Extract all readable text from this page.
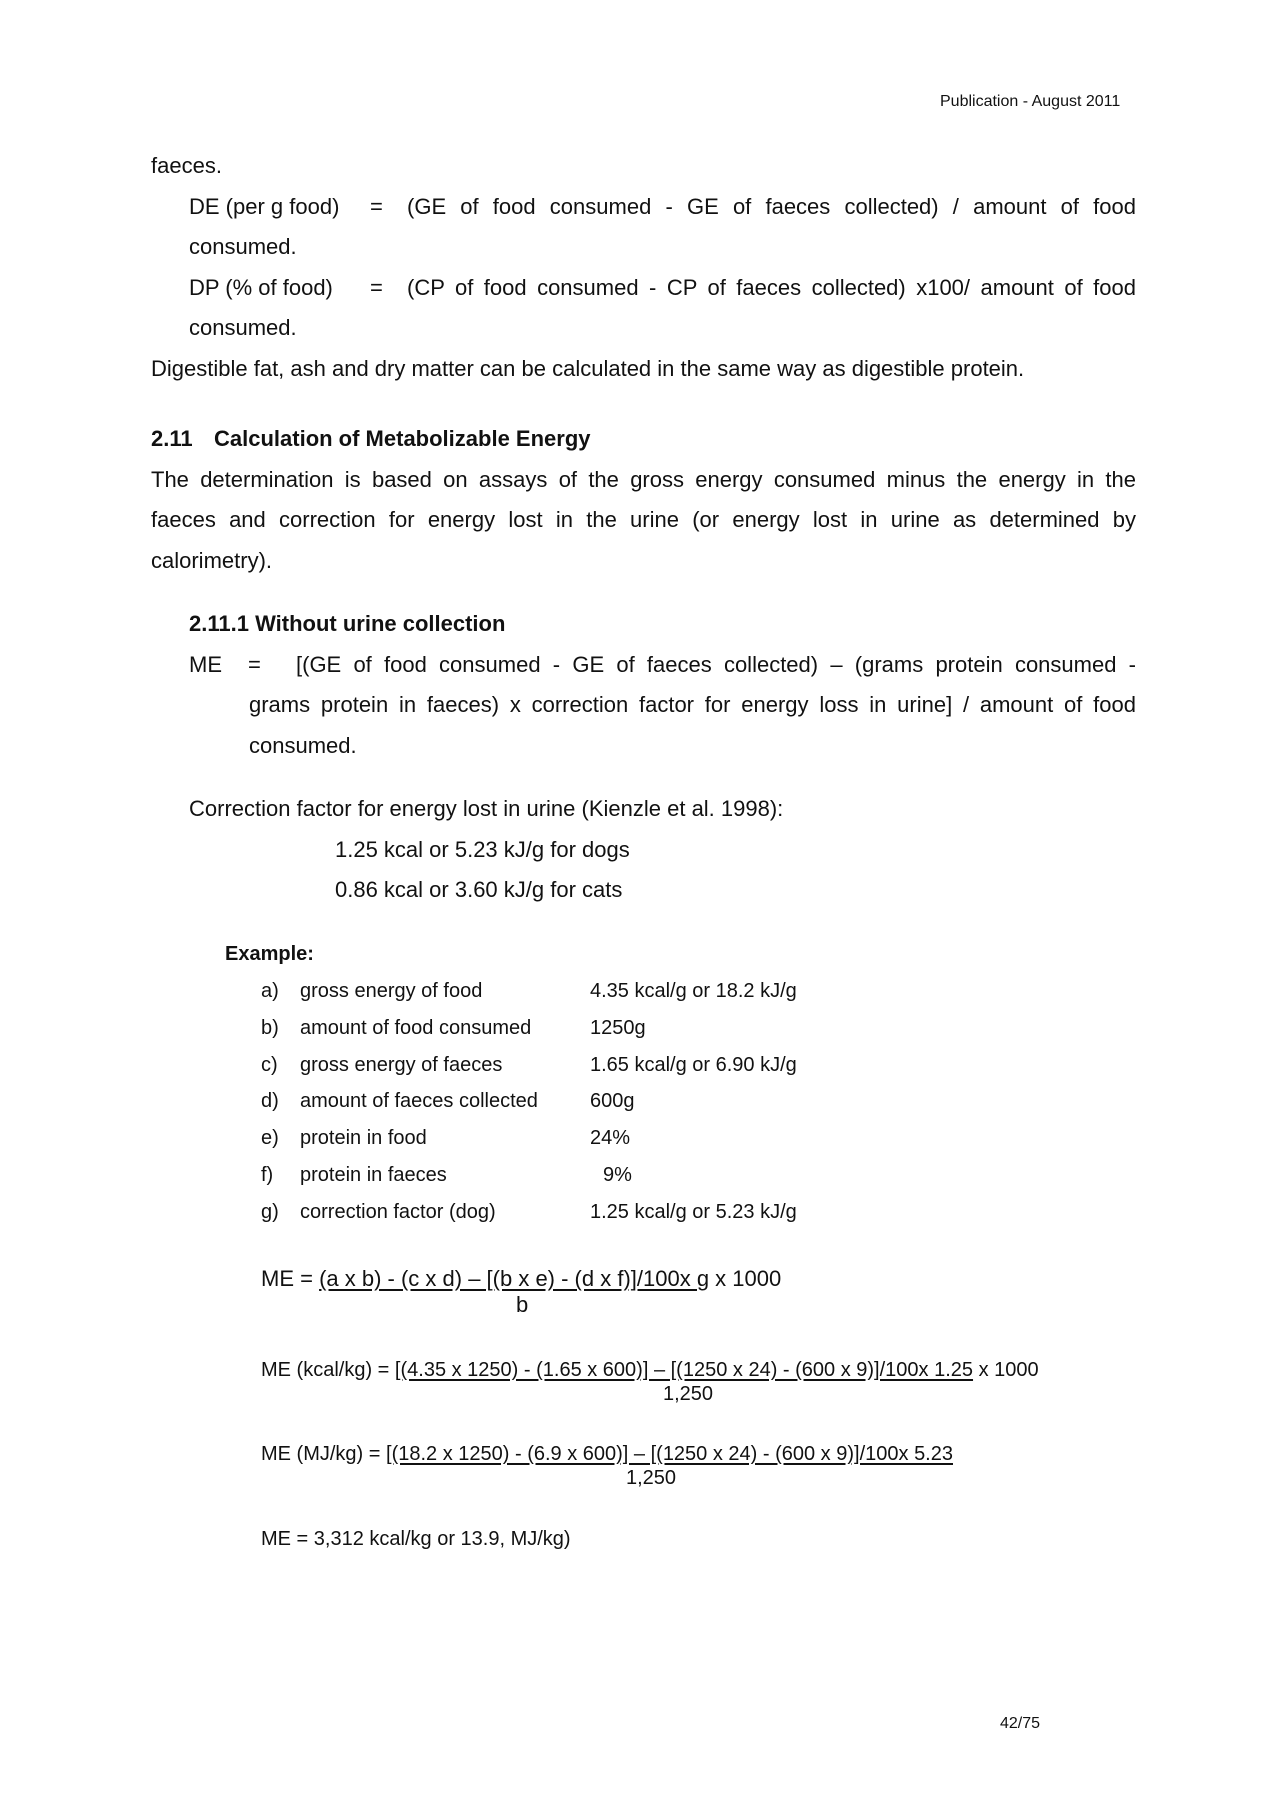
Publication - August 2011
faeces.
DE (per g food) = (GE of food consumed - GE of faeces collected) / amount of food
consumed.
DP (% of food) = (CP of food consumed - CP of faeces collected) x100/ amount of food
consumed.
Digestible fat, ash and dry matter can be calculated in the same way as digestible protein.
2.11 Calculation of Metabolizable Energy
The determination is based on assays of the gross energy consumed minus the energy in the
faeces and correction for energy lost in the urine (or energy lost in urine as determined by
calorimetry).
2.11.1 Without urine collection
ME = [(GE of food consumed - GE of faeces collected) – (grams protein consumed -
grams protein in faeces) x correction factor for energy loss in urine] / amount of food
consumed.
Correction factor for energy lost in urine (Kienzle et al. 1998):
1.25 kcal or 5.23 kJ/g for dogs
0.86 kcal or 3.60 kJ/g for cats
Example:
a) gross energy of food	4.35 kcal/g or 18.2 kJ/g
b) amount of food consumed	1250g
c) gross energy of faeces	1.65 kcal/g or 6.90 kJ/g
d) amount of faeces collected	600g
e) protein in food	24%
f) protein in faeces	9%
g) correction factor (dog)	1.25 kcal/g or 5.23 kJ/g
ME = (a x b) - (c x d) – [(b x e) - (d x f)]/100x g x 1000
b
ME (kcal/kg) = [(4.35 x 1250) - (1.65 x 600)] – [(1250 x 24) - (600 x 9)]/100x 1.25 x 1000
1,250
ME (MJ/kg) = [(18.2 x 1250) - (6.9 x 600)] – [(1250 x 24) - (600 x 9)]/100x 5.23
1,250
ME = 3,312 kcal/kg or 13.9, MJ/kg)
42/75
